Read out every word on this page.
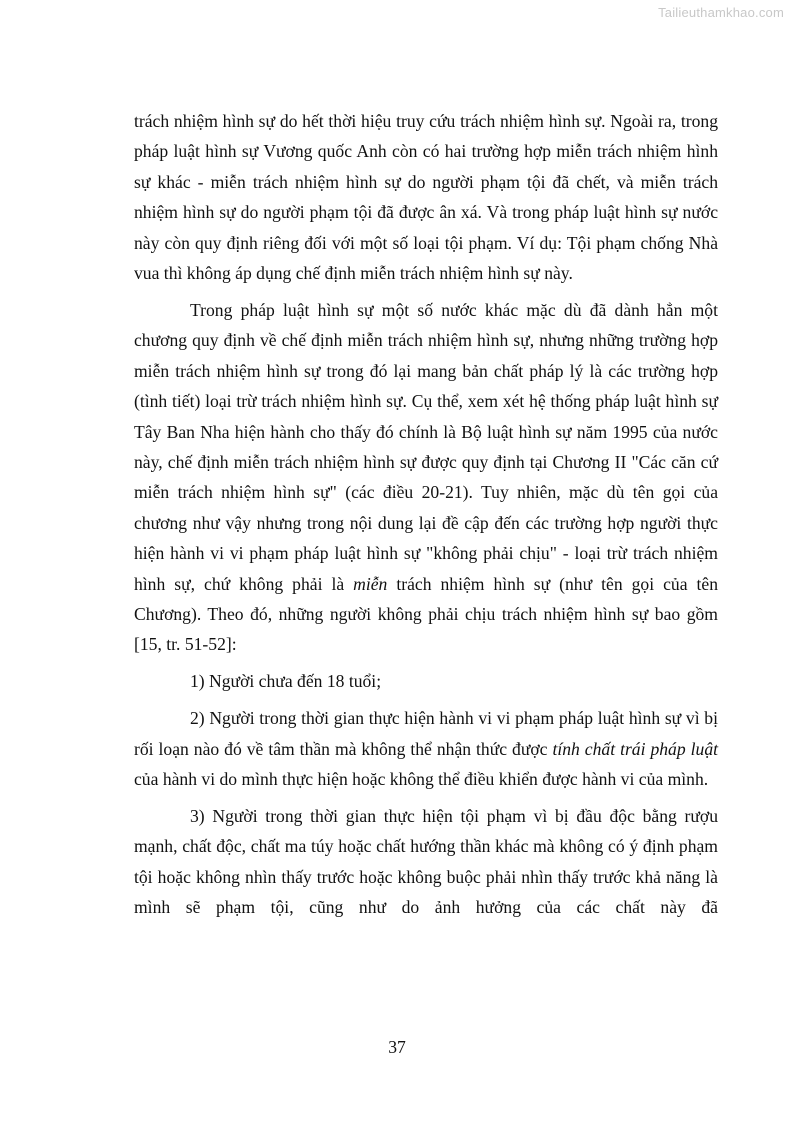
Tailieuthamkhao.com

trách nhiệm hình sự do hết thời hiệu truy cứu trách nhiệm hình sự. Ngoài ra, trong pháp luật hình sự Vương quốc Anh còn có hai trường hợp miễn trách nhiệm hình sự khác - miễn trách nhiệm hình sự do người phạm tội đã chết, và miễn trách nhiệm hình sự do người phạm tội đã được ân xá. Và trong pháp luật hình sự nước này còn quy định riêng đối với một số loại tội phạm. Ví dụ: Tội phạm chống Nhà vua thì không áp dụng chế định miễn trách nhiệm hình sự này.

Trong pháp luật hình sự một số nước khác mặc dù đã dành hẳn một chương quy định về chế định miễn trách nhiệm hình sự, nhưng những trường hợp miễn trách nhiệm hình sự trong đó lại mang bản chất pháp lý là các trường hợp (tình tiết) loại trừ trách nhiệm hình sự. Cụ thể, xem xét hệ thống pháp luật hình sự Tây Ban Nha hiện hành cho thấy đó chính là Bộ luật hình sự năm 1995 của nước này, chế định miễn trách nhiệm hình sự được quy định tại Chương II "Các căn cứ miễn trách nhiệm hình sự" (các điều 20-21). Tuy nhiên, mặc dù tên gọi của chương như vậy nhưng trong nội dung lại đề cập đến các trường hợp người thực hiện hành vi vi phạm pháp luật hình sự "không phải chịu" - loại trừ trách nhiệm hình sự, chứ không phải là miễn trách nhiệm hình sự (như tên gọi của tên Chương). Theo đó, những người không phải chịu trách nhiệm hình sự bao gồm [15, tr. 51-52]:

1) Người chưa đến 18 tuổi;

2) Người trong thời gian thực hiện hành vi vi phạm pháp luật hình sự vì bị rối loạn nào đó về tâm thần mà không thể nhận thức được tính chất trái pháp luật của hành vi do mình thực hiện hoặc không thể điều khiển được hành vi của mình.

3) Người trong thời gian thực hiện tội phạm vì bị đầu độc bằng rượu mạnh, chất độc, chất ma túy hoặc chất hướng thần khác mà không có ý định phạm tội hoặc không nhìn thấy trước hoặc không buộc phải nhìn thấy trước khả năng là mình sẽ phạm tội, cũng như do ảnh hưởng của các chất này đã

37
